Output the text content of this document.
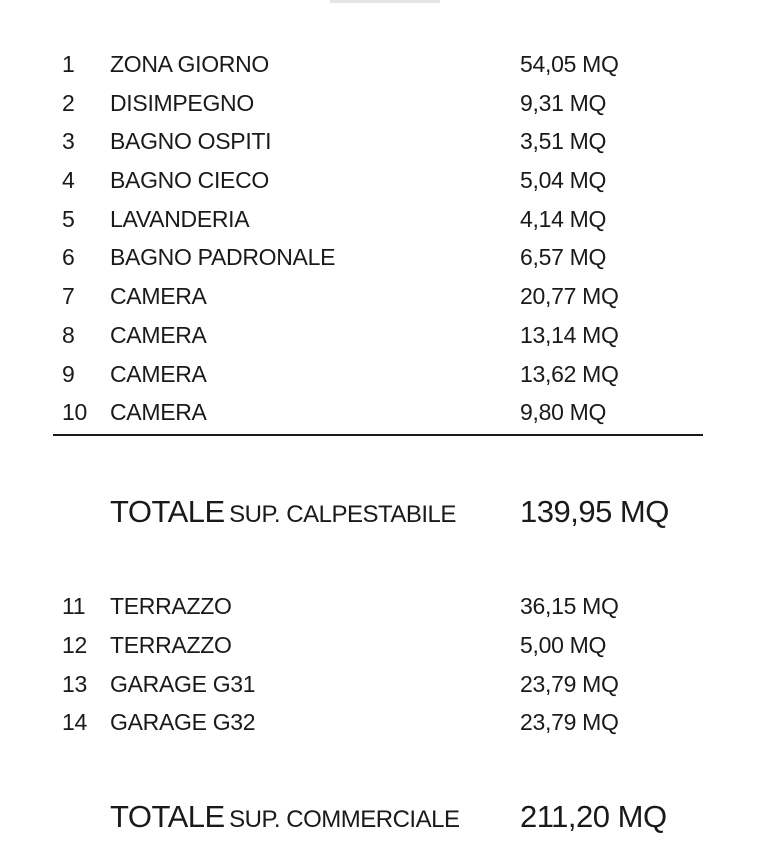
1 ZONA GIORNO	54,05 MQ
2 DISIMPEGNO	9,31 MQ
3 BAGNO OSPITI	3,51 MQ
4 BAGNO CIECO	5,04 MQ
5 LAVANDERIA	4,14 MQ
6 BAGNO PADRONALE	6,57 MQ
7 CAMERA	20,77 MQ
8 CAMERA	13,14 MQ
9 CAMERA	13,62 MQ
10 CAMERA	9,80 MQ
TOTALE SUP. CALPESTABILE 139,95 MQ
11 TERRAZZO	36,15 MQ
12 TERRAZZO	5,00 MQ
13 GARAGE G31	23,79 MQ
14 GARAGE G32	23,79 MQ
TOTALE SUP. COMMERCIALE 211,20 MQ
